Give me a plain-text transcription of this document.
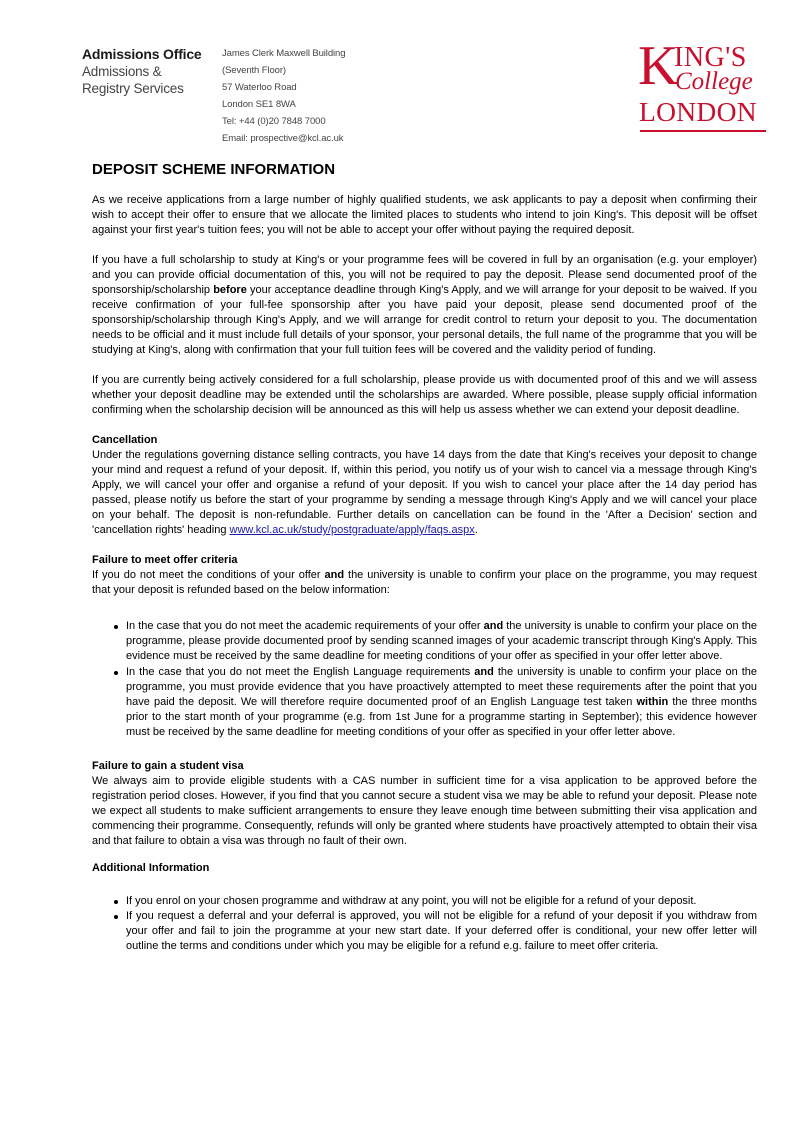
Admissions Office
Admissions &
Registry Services
James Clerk Maxwell Building
(Seventh Floor)
57 Waterloo Road
London SE1 8WA
Tel: +44 (0)20 7848 7000
Email: prospective@kcl.ac.uk
K
ING'S
College
LONDON
DEPOSIT SCHEME INFORMATION

As we receive applications from a large number of highly qualified students, we ask applicants to pay a deposit when confirming their wish to accept their offer to ensure that we allocate the limited places to students who intend to join King's. This deposit will be offset against your first year's tuition fees; you will not be able to accept your offer without paying the required deposit.

If you have a full scholarship to study at King's or your programme fees will be covered in full by an organisation (e.g. your employer) and you can provide official documentation of this, you will not be required to pay the deposit. Please send documented proof of the sponsorship/scholarship before your acceptance deadline through King's Apply, and we will arrange for your deposit to be waived. If you receive confirmation of your full-fee sponsorship after you have paid your deposit, please send documented proof of the sponsorship/scholarship through King's Apply, and we will arrange for credit control to return your deposit to you. The documentation needs to be official and it must include full details of your sponsor, your personal details, the full name of the programme that you will be studying at King's, along with confirmation that your full tuition fees will be covered and the validity period of funding.

If you are currently being actively considered for a full scholarship, please provide us with documented proof of this and we will assess whether your deposit deadline may be extended until the scholarships are awarded. Where possible, please supply official information confirming when the scholarship decision will be announced as this will help us assess whether we can extend your deposit deadline.

Cancellation

Under the regulations governing distance selling contracts, you have 14 days from the date that King's receives your deposit to change your mind and request a refund of your deposit. If, within this period, you notify us of your wish to cancel via a message through King's Apply, we will cancel your offer and organise a refund of your deposit. If you wish to cancel your place after the 14 day period has passed, please notify us before the start of your programme by sending a message through King's Apply and we will cancel your place on your behalf. The deposit is non-refundable. Further details on cancellation can be found in the 'After a Decision' section and 'cancellation rights' heading www.kcl.ac.uk/study/postgraduate/apply/faqs.aspx.

Failure to meet offer criteria

If you do not meet the conditions of your offer and the university is unable to confirm your place on the programme, you may request that your deposit is refunded based on the below information:

In the case that you do not meet the academic requirements of your offer and the university is unable to confirm your place on the programme, please provide documented proof by sending scanned images of your academic transcript through King's Apply. This evidence must be received by the same deadline for meeting conditions of your offer as specified in your offer letter above.
In the case that you do not meet the English Language requirements and the university is unable to confirm your place on the programme, you must provide evidence that you have proactively attempted to meet these requirements after the point that you have paid the deposit. We will therefore require documented proof of an English Language test taken within the three months prior to the start month of your programme (e.g. from 1st June for a programme starting in September); this evidence however must be received by the same deadline for meeting conditions of your offer as specified in your offer letter above.
Failure to gain a student visa

We always aim to provide eligible students with a CAS number in sufficient time for a visa application to be approved before the registration period closes. However, if you find that you cannot secure a student visa we may be able to refund your deposit. Please note we expect all students to make sufficient arrangements to ensure they leave enough time between submitting their visa application and commencing their programme. Consequently, refunds will only be granted where students have proactively attempted to obtain their visa and that failure to obtain a visa was through no fault of their own.

Additional Information
If you enrol on your chosen programme and withdraw at any point, you will not be eligible for a refund of your deposit.
If you request a deferral and your deferral is approved, you will not be eligible for a refund of your deposit if you withdraw from your offer and fail to join the programme at your new start date. If your deferred offer is conditional, your new offer letter will outline the terms and conditions under which you may be eligible for a refund e.g. failure to meet offer criteria.
